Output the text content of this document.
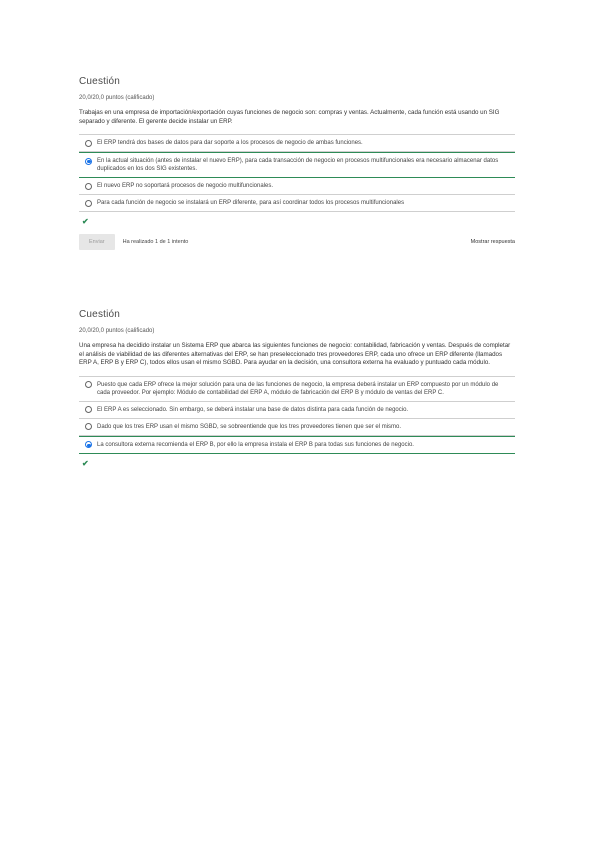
Cuestión
20,0/20,0 puntos (calificado)
Trabajas en una empresa de importación/exportación cuyas funciones de negocio son: compras y ventas. Actualmente, cada función está usando un SIG separado y diferente. El gerente decide instalar un ERP.
El ERP tendrá dos bases de datos para dar soporte a los procesos de negocio de ambas funciones.
En la actual situación (antes de instalar el nuevo ERP), para cada transacción de negocio en procesos multifuncionales era necesario almacenar datos duplicados en los dos SIG existentes.
El nuevo ERP no soportará procesos de negocio multifuncionales.
Para cada función de negocio se instalará un ERP diferente, para así coordinar todos los procesos multifuncionales
✔
Enviar	Ha realizado 1 de 1 intento	Mostrar respuesta
Cuestión
20,0/20,0 puntos (calificado)
Una empresa ha decidido instalar un Sistema ERP que abarca las siguientes funciones de negocio: contabilidad, fabricación y ventas. Después de completar el análisis de viabilidad de las diferentes alternativas del ERP, se han preseleccionado tres proveedores ERP, cada uno ofrece un ERP diferente (llamados ERP A, ERP B y ERP C), todos ellos usan el mismo SGBD. Para ayudar en la decisión, una consultora externa ha evaluado y puntuado cada módulo.
Puesto que cada ERP ofrece la mejor solución para una de las funciones de negocio, la empresa deberá instalar un ERP compuesto por un módulo de cada proveedor. Por ejemplo: Módulo de contabilidad del ERP A, módulo de fabricación del ERP B y módulo de ventas del ERP C.
El ERP A es seleccionado. Sin embargo, se deberá instalar una base de datos distinta para cada función de negocio.
Dado que los tres ERP usan el mismo SGBD, se sobreentiende que los tres proveedores tienen que ser el mismo.
La consultora externa recomienda el ERP B, por ello la empresa instala el ERP B para todas sus funciones de negocio.
✔
